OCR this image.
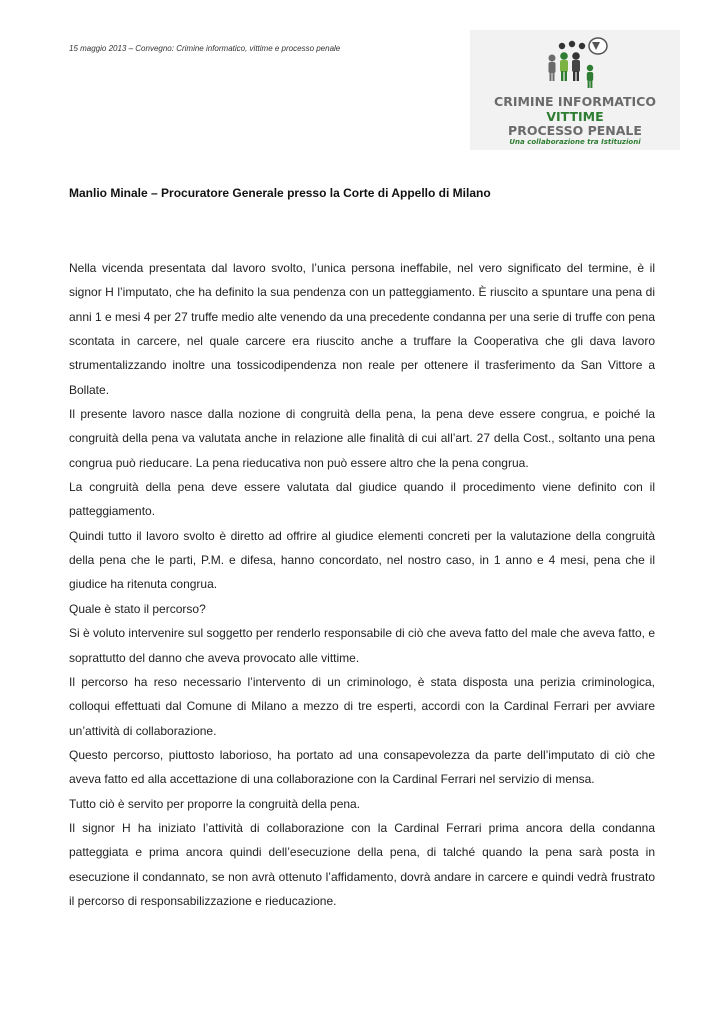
15 maggio 2013 – Convegno: Crimine informatico, vittime e processo penale
CRIMINE INFORMATICO
VITTIME
PROCESSO PENALE
Una collaborazione tra Istituzioni
Manlio Minale – Procuratore Generale presso la Corte di Appello di Milano

Nella vicenda presentata dal lavoro svolto, l’unica persona ineffabile, nel vero significato del termine, è il signor H l’imputato, che ha definito la sua pendenza con un patteggiamento. È riuscito a spuntare una pena di anni 1 e mesi 4 per 27 truffe medio alte venendo da una precedente condanna per una serie di truffe con pena scontata in carcere, nel quale carcere era riuscito anche a truffare la Cooperativa che gli dava lavoro strumentalizzando inoltre una tossicodipendenza non reale per ottenere il trasferimento da San Vittore a Bollate.

Il presente lavoro nasce dalla nozione di congruità della pena, la pena deve essere congrua, e poiché la congruità della pena va valutata anche in relazione alle finalità di cui all’art. 27 della Cost., soltanto una pena congrua può rieducare. La pena rieducativa non può essere altro che la pena congrua.

La congruità della pena deve essere valutata dal giudice quando il procedimento viene definito con il patteggiamento.

Quindi tutto il lavoro svolto è diretto ad offrire al giudice elementi concreti per la valutazione della congruità della pena che le parti, P.M. e difesa, hanno concordato, nel nostro caso, in 1 anno e 4 mesi, pena che il giudice ha ritenuta congrua.

Quale è stato il percorso?

Si è voluto intervenire sul soggetto per renderlo responsabile di ciò che aveva fatto del male che aveva fatto, e soprattutto del danno che aveva provocato alle vittime.

Il percorso ha reso necessario l’intervento di un criminologo, è stata disposta una perizia criminologica, colloqui effettuati dal Comune di Milano a mezzo di tre esperti, accordi con la Cardinal Ferrari per avviare un’attività di collaborazione.

Questo percorso, piuttosto laborioso, ha portato ad una consapevolezza da parte dell’imputato di ciò che aveva fatto ed alla accettazione di una collaborazione con la Cardinal Ferrari nel servizio di mensa.

Tutto ciò è servito per proporre la congruità della pena.

Il signor H ha iniziato l’attività di collaborazione con la Cardinal Ferrari prima ancora della condanna patteggiata e prima ancora quindi dell’esecuzione della pena, di talché quando la pena sarà posta in esecuzione il condannato, se non avrà ottenuto l’affidamento, dovrà andare in carcere e quindi vedrà frustrato il percorso di responsabilizzazione e rieducazione.
